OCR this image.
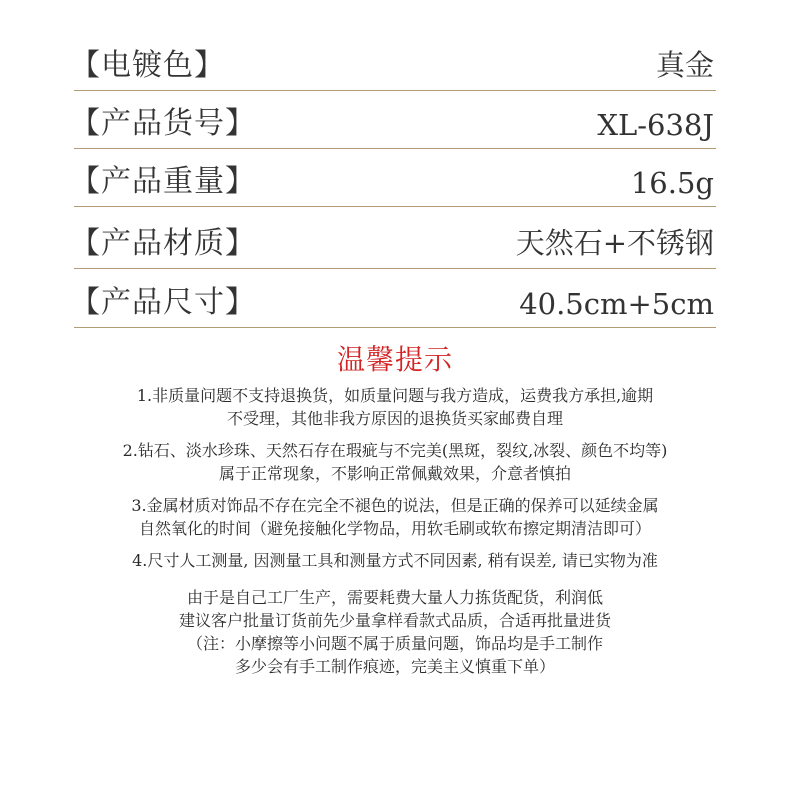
【电镀色】	真金
【产品货号】	XL-638J
【产品重量】	16.5g
【产品材质】	天然石+不锈钢
【产品尺寸】	40.5cm+5cm
温馨提示

1.非质量问题不支持退换货，如质量问题与我方造成，运费我方承担,逾期
不受理，其他非我方原因的退换货买家邮费自理

2.钻石、淡水珍珠、天然石存在瑕疵与不完美(黑斑，裂纹,冰裂、颜色不均等)
属于正常现象，不影响正常佩戴效果，介意者慎拍

3.金属材质对饰品不存在完全不褪色的说法，但是正确的保养可以延续金属
自然氧化的时间（避免接触化学物品，用软毛刷或软布擦定期清洁即可）

4.尺寸人工测量, 因测量工具和测量方式不同因素, 稍有误差, 请已实物为准

由于是自己工厂生产，需要耗费大量人力拣货配货，利润低
建议客户批量订货前先少量拿样看款式品质，合适再批量进货
（注：小摩擦等小问题不属于质量问题，饰品均是手工制作
多少会有手工制作痕迹，完美主义慎重下单）
